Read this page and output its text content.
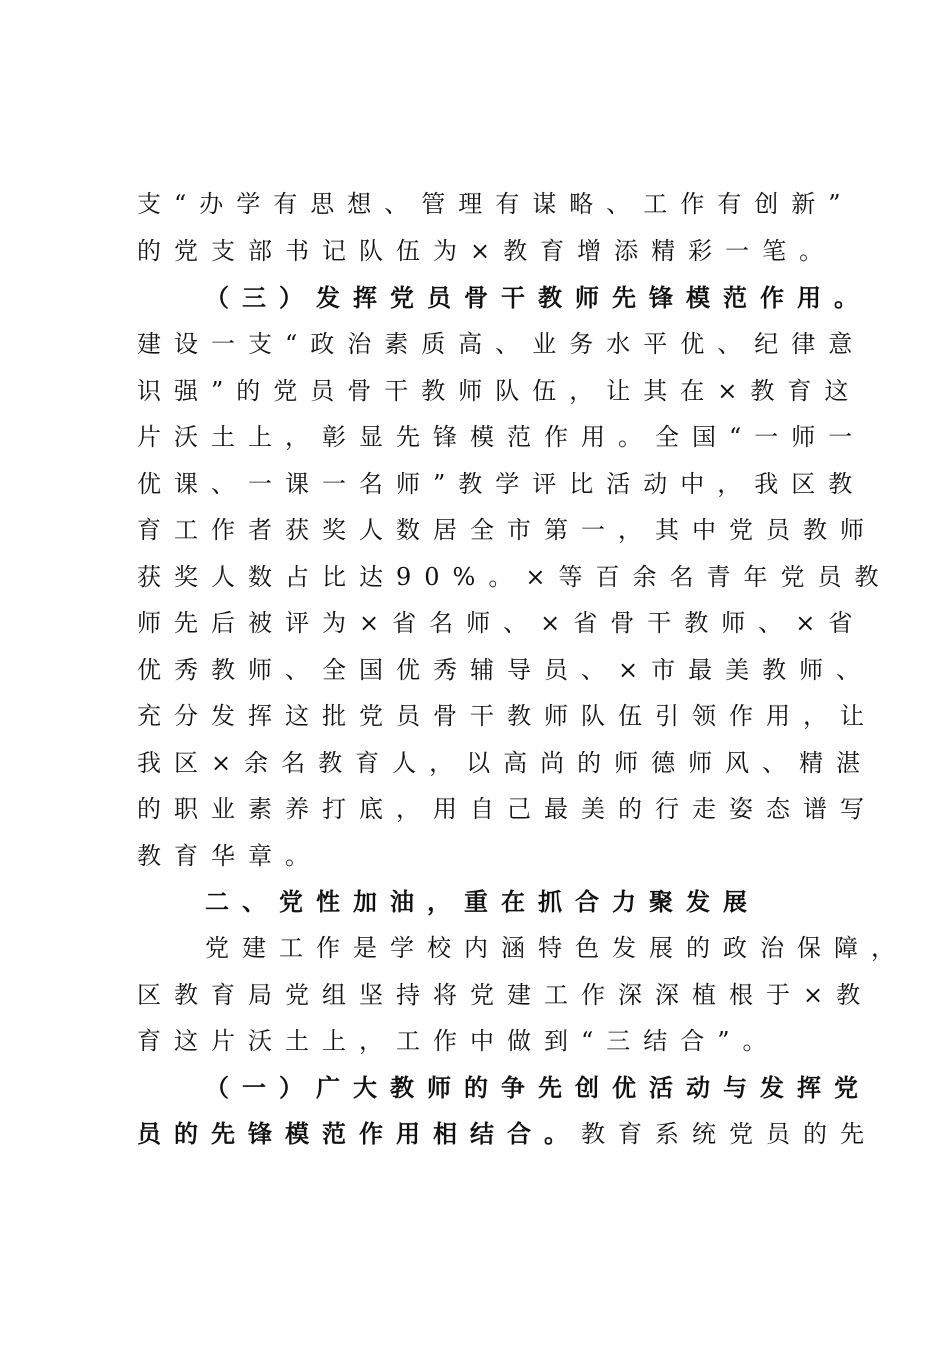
支“办学有思想、管理有谋略、工作有创新”
的党支部书记队伍为×教育增添精彩一笔。
（三）发挥党员骨干教师先锋模范作用。
建设一支“政治素质高、业务水平优、纪律意
识强”的党员骨干教师队伍，让其在×教育这
片沃土上，彰显先锋模范作用。全国“一师一
优课、一课一名师”教学评比活动中，我区教
育工作者获奖人数居全市第一，其中党员教师
获奖人数占比达90%。×等百余名青年党员教
师先后被评为×省名师、×省骨干教师、×省
优秀教师、全国优秀辅导员、×市最美教师、
充分发挥这批党员骨干教师队伍引领作用，让
我区×余名教育人，以高尚的师德师风、精湛
的职业素养打底，用自己最美的行走姿态谱写
教育华章。
二、党性加油，重在抓合力聚发展
党建工作是学校内涵特色发展的政治保障，
区教育局党组坚持将党建工作深深植根于×教
育这片沃土上，工作中做到“三结合”。
（一）广大教师的争先创优活动与发挥党
员的先锋模范作用相结合。教育系统党员的先
